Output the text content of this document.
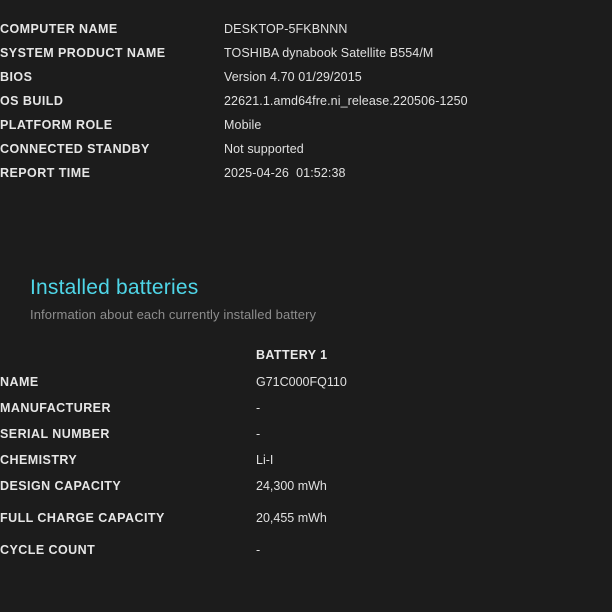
COMPUTER NAME	DESKTOP-5FKBNNN
SYSTEM PRODUCT NAME	TOSHIBA dynabook Satellite B554/M
BIOS	Version 4.70 01/29/2015
OS BUILD	22621.1.amd64fre.ni_release.220506-1250
PLATFORM ROLE	Mobile
CONNECTED STANDBY	Not supported
REPORT TIME	2025-04-26  01:52:38
Installed batteries
Information about each currently installed battery
	BATTERY 1
NAME	G71C000FQ110
MANUFACTURER	-
SERIAL NUMBER	-
CHEMISTRY	Li-I
DESIGN CAPACITY	24,300 mWh
FULL CHARGE CAPACITY	20,455 mWh
CYCLE COUNT	-
